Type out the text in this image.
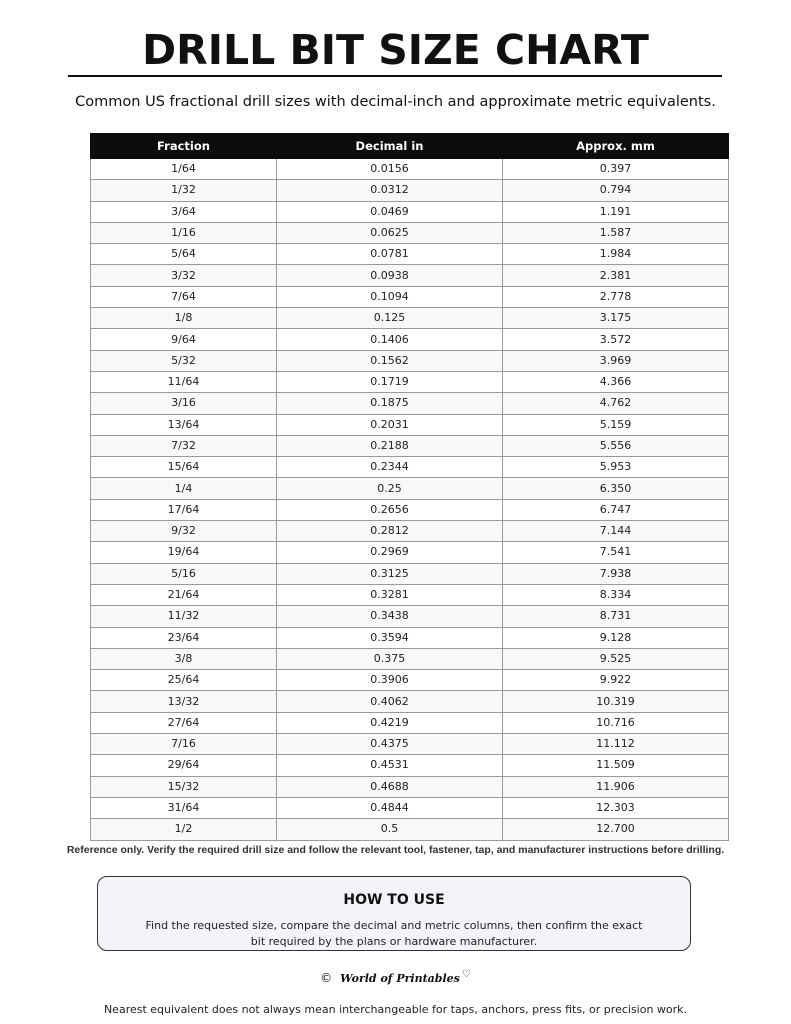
DRILL BIT SIZE CHART

Common US fractional drill sizes with decimal-inch and approximate metric equivalents.

Fraction	Decimal in	Approx. mm
1/64	0.0156	0.397
1/32	0.0312	0.794
3/64	0.0469	1.191
1/16	0.0625	1.587
5/64	0.0781	1.984
3/32	0.0938	2.381
7/64	0.1094	2.778
1/8	0.125	3.175
9/64	0.1406	3.572
5/32	0.1562	3.969
11/64	0.1719	4.366
3/16	0.1875	4.762
13/64	0.2031	5.159
7/32	0.2188	5.556
15/64	0.2344	5.953
1/4	0.25	6.350
17/64	0.2656	6.747
9/32	0.2812	7.144
19/64	0.2969	7.541
5/16	0.3125	7.938
21/64	0.3281	8.334
11/32	0.3438	8.731
23/64	0.3594	9.128
3/8	0.375	9.525
25/64	0.3906	9.922
13/32	0.4062	10.319
27/64	0.4219	10.716
7/16	0.4375	11.112
29/64	0.4531	11.509
15/32	0.4688	11.906
31/64	0.4844	12.303
1/2	0.5	12.700

Reference only. Verify the required drill size and follow the relevant tool, fastener, tap, and manufacturer instructions before drilling.

HOW TO USE

Find the requested size, compare the decimal and metric columns, then confirm the exact bit required by the plans or hardware manufacturer.

© World of Printables ♡

Nearest equivalent does not always mean interchangeable for taps, anchors, press fits, or precision work.
